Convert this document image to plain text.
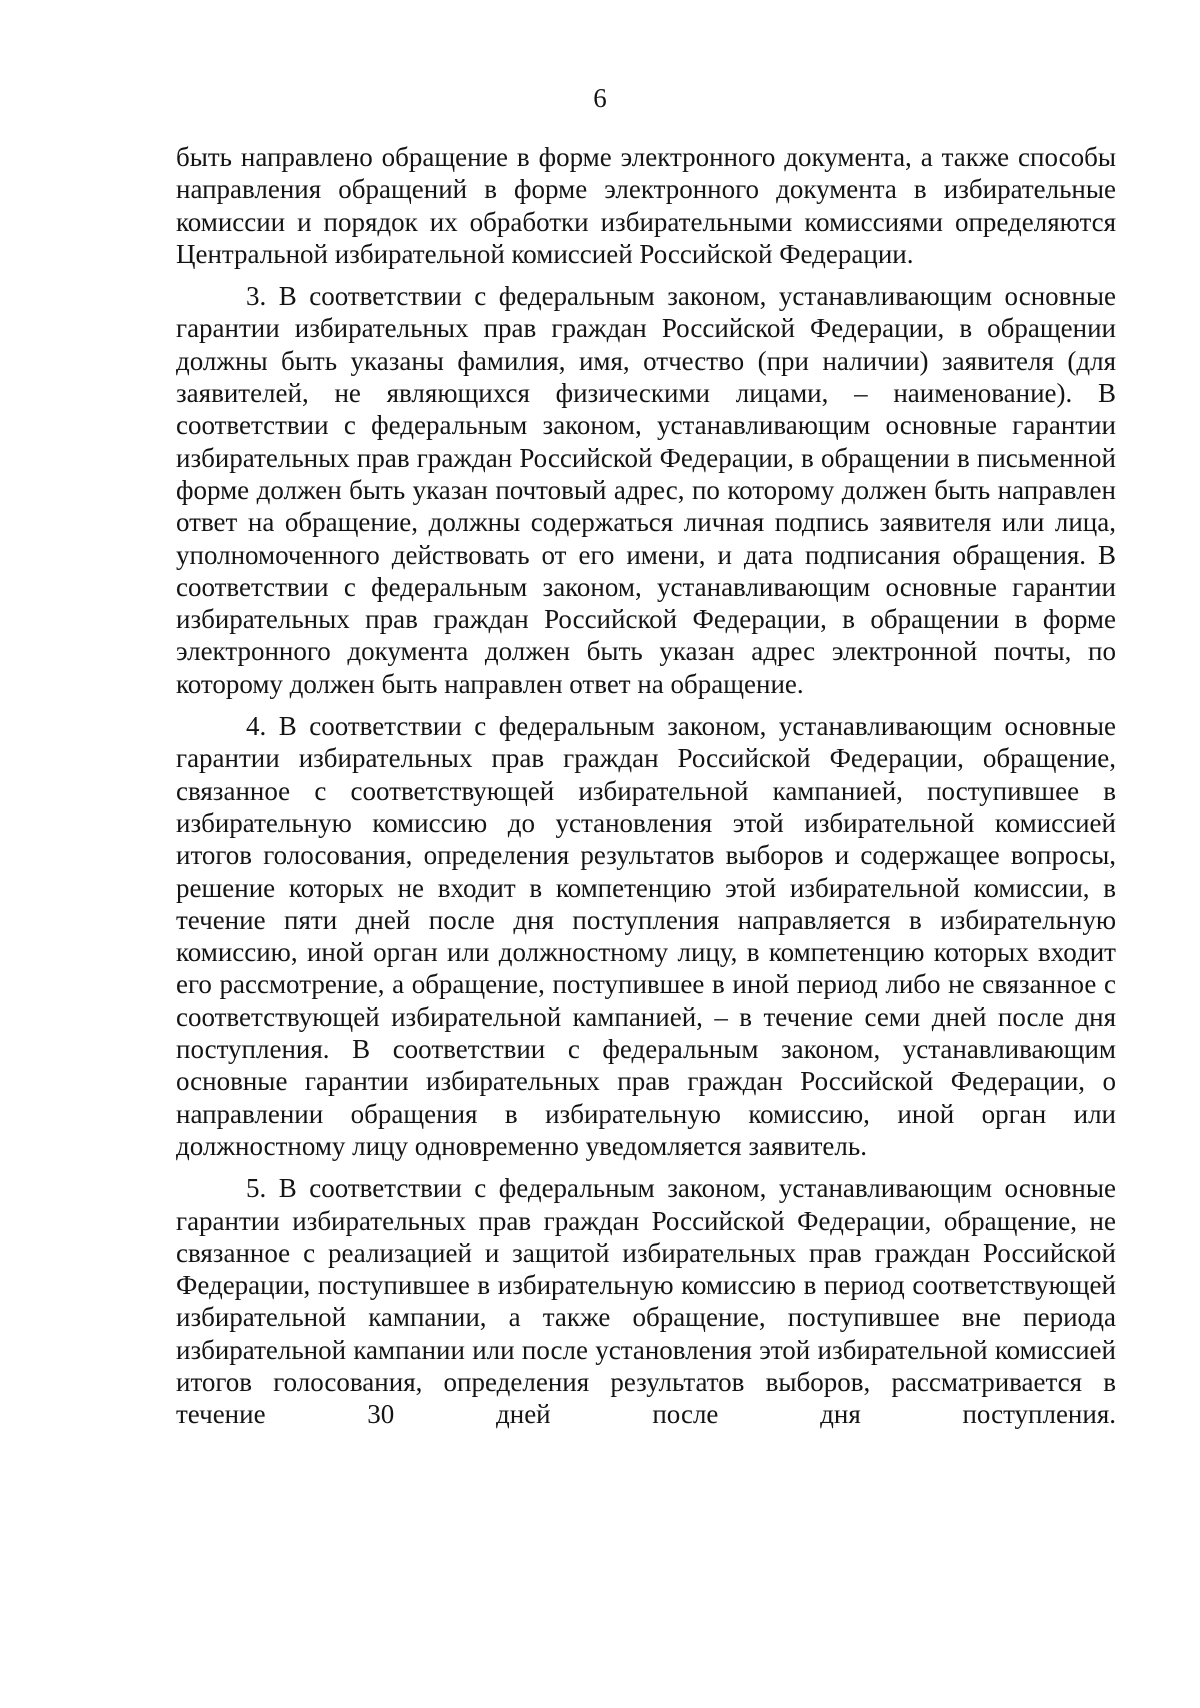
6

быть направлено обращение в форме электронного документа, а также способы направления обращений в форме электронного документа в избирательные комиссии и порядок их обработки избирательными комиссиями определяются Центральной избирательной комиссией Российской Федерации.

3. В соответствии с федеральным законом, устанавливающим основные гарантии избирательных прав граждан Российской Федерации, в обращении должны быть указаны фамилия, имя, отчество (при наличии) заявителя (для заявителей, не являющихся физическими лицами, – наименование). В соответствии с федеральным законом, устанавливающим основные гарантии избирательных прав граждан Российской Федерации, в обращении в письменной форме должен быть указан почтовый адрес, по которому должен быть направлен ответ на обращение, должны содержаться личная подпись заявителя или лица, уполномоченного действовать от его имени, и дата подписания обращения. В соответствии с федеральным законом, устанавливающим основные гарантии избирательных прав граждан Российской Федерации, в обращении в форме электронного документа должен быть указан адрес электронной почты, по которому должен быть направлен ответ на обращение.

4. В соответствии с федеральным законом, устанавливающим основные гарантии избирательных прав граждан Российской Федерации, обращение, связанное с соответствующей избирательной кампанией, поступившее в избирательную комиссию до установления этой избирательной комиссией итогов голосования, определения результатов выборов и содержащее вопросы, решение которых не входит в компетенцию этой избирательной комиссии, в течение пяти дней после дня поступления направляется в избирательную комиссию, иной орган или должностному лицу, в компетенцию которых входит его рассмотрение, а обращение, поступившее в иной период либо не связанное с соответствующей избирательной кампанией, – в течение семи дней после дня поступления. В соответствии с федеральным законом, устанавливающим основные гарантии избирательных прав граждан Российской Федерации, о направлении обращения в избирательную комиссию, иной орган или должностному лицу одновременно уведомляется заявитель.

5. В соответствии с федеральным законом, устанавливающим основные гарантии избирательных прав граждан Российской Федерации, обращение, не связанное с реализацией и защитой избирательных прав граждан Российской Федерации, поступившее в избирательную комиссию в период соответствующей избирательной кампании, а также обращение, поступившее вне периода избирательной кампании или после установления этой избирательной комиссией итогов голосования, определения результатов выборов, рассматривается в течение 30 дней после дня поступления.
